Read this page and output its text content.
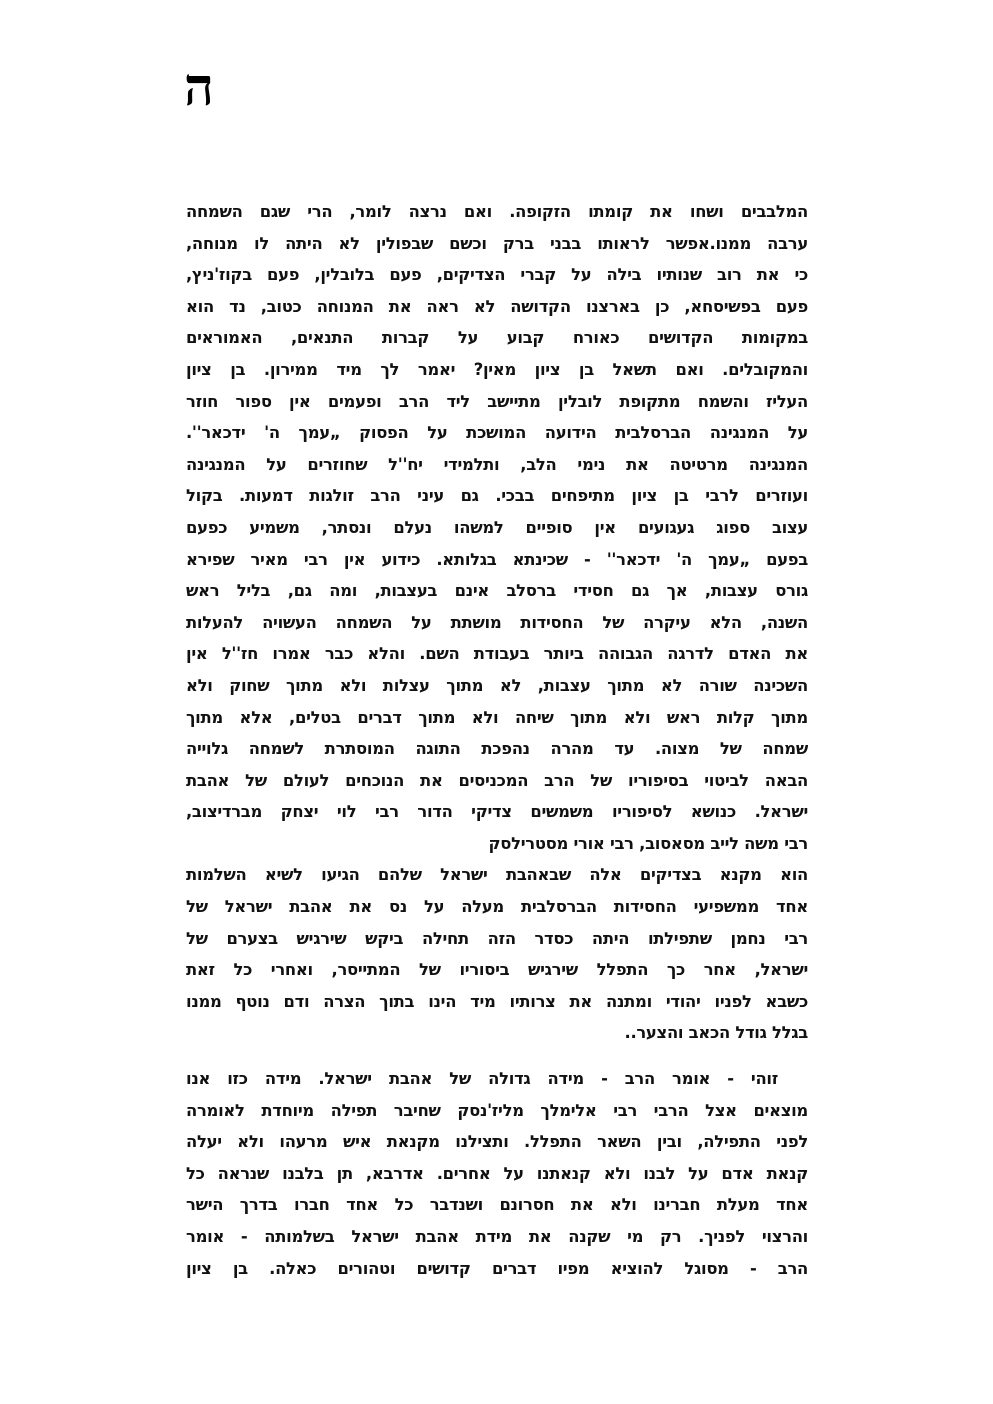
ה
המלבבים ושחו את קומתו הזקופה. ואם נרצה לומר, הרי שגם השמחה
ערבה ממנו.אפשר לראותו בבני ברק וכשם שבפולין לא היתה לו מנוחה,
כי את רוב שנותיו בילה על קברי הצדיקים, פעם בלובלין, פעם בקוז'ניץ,
פעם בפשיסחא, כן בארצנו הקדושה לא ראה את המנוחה כטוב, נד הוא
במקומות הקדושים כאורח קבוע על קברות התנאים, האמוראים
והמקובלים. ואם תשאל בן ציון מאין? יאמר לך מיד ממירון. בן ציון
העליז והשמח מתקופת לובלין מתיישב ליד הרב ופעמים אין ספור חוזר
על המנגינה הברסלבית הידועה המושכת על הפסוק „עמך ה' ידכאר''.
המנגינה מרטיטה את נימי הלב, ותלמידי יח''ל שחוזרים על המנגינה
ועוזרים לרבי בן ציון מתיפחים בבכי. גם עיני הרב זולגות דמעות. בקול
עצוב ספוג געגועים אין סופיים למשהו נעלם ונסתר, משמיע כפעם
בפעם „עמך ה' ידכאר'' - שכינתא בגלותא. כידוע אין רבי מאיר שפירא
גורס עצבות, אך גם חסידי ברסלב אינם בעצבות, ומה גם, בליל ראש
השנה, הלא עיקרה של החסידות מושתת על השמחה העשויה להעלות
את האדם לדרגה הגבוהה ביותר בעבודת השם. והלא כבר אמרו חז''ל אין
השכינה שורה לא מתוך עצבות, לא מתוך עצלות ולא מתוך שחוק ולא
מתוך קלות ראש ולא מתוך שיחה ולא מתוך דברים בטלים, אלא מתוך
שמחה של מצוה. עד מהרה נהפכת התוגה המוסתרת לשמחה גלוייה
הבאה לביטוי בסיפוריו של הרב המכניסים את הנוכחים לעולם של אהבת
ישראל. כנושא לסיפוריו משמשים צדיקי הדור רבי לוי יצחק מברדיצוב,
רבי משה לייב מסאסוב, רבי אורי מסטרילסק
הוא מקנא בצדיקים אלה שבאהבת ישראל שלהם הגיעו לשיא השלמות
אחד ממשפיעי החסידות הברסלבית מעלה על נס את אהבת ישראל של
רבי נחמן שתפילתו היתה כסדר הזה תחילה ביקש שירגיש בצערם של
ישראל, אחר כך התפלל שירגיש ביסוריו של המתייסר, ואחרי כל זאת
כשבא לפניו יהודי ומתנה את צרותיו מיד הינו בתוך הצרה ודם נוטף ממנו
בגלל גודל הכאב והצער..
זוהי - אומר הרב - מידה גדולה של אהבת ישראל. מידה כזו אנו
מוצאים אצל הרבי רבי אלימלך מליז'נסק שחיבר תפילה מיוחדת לאומרה
לפני התפילה, ובין השאר התפלל. ותצילנו מקנאת איש מרעהו ולא יעלה
קנאת אדם על לבנו ולא קנאתנו על אחרים. אדרבא, תן בלבנו שנראה כל
אחד מעלת חברינו ולא את חסרונם ושנדבר כל אחד חברו בדרך הישר
והרצוי לפניך. רק מי שקנה את מידת אהבת ישראל בשלמותה - אומר
הרב - מסוגל להוציא מפיו דברים קדושים וטהורים כאלה. בן ציון
